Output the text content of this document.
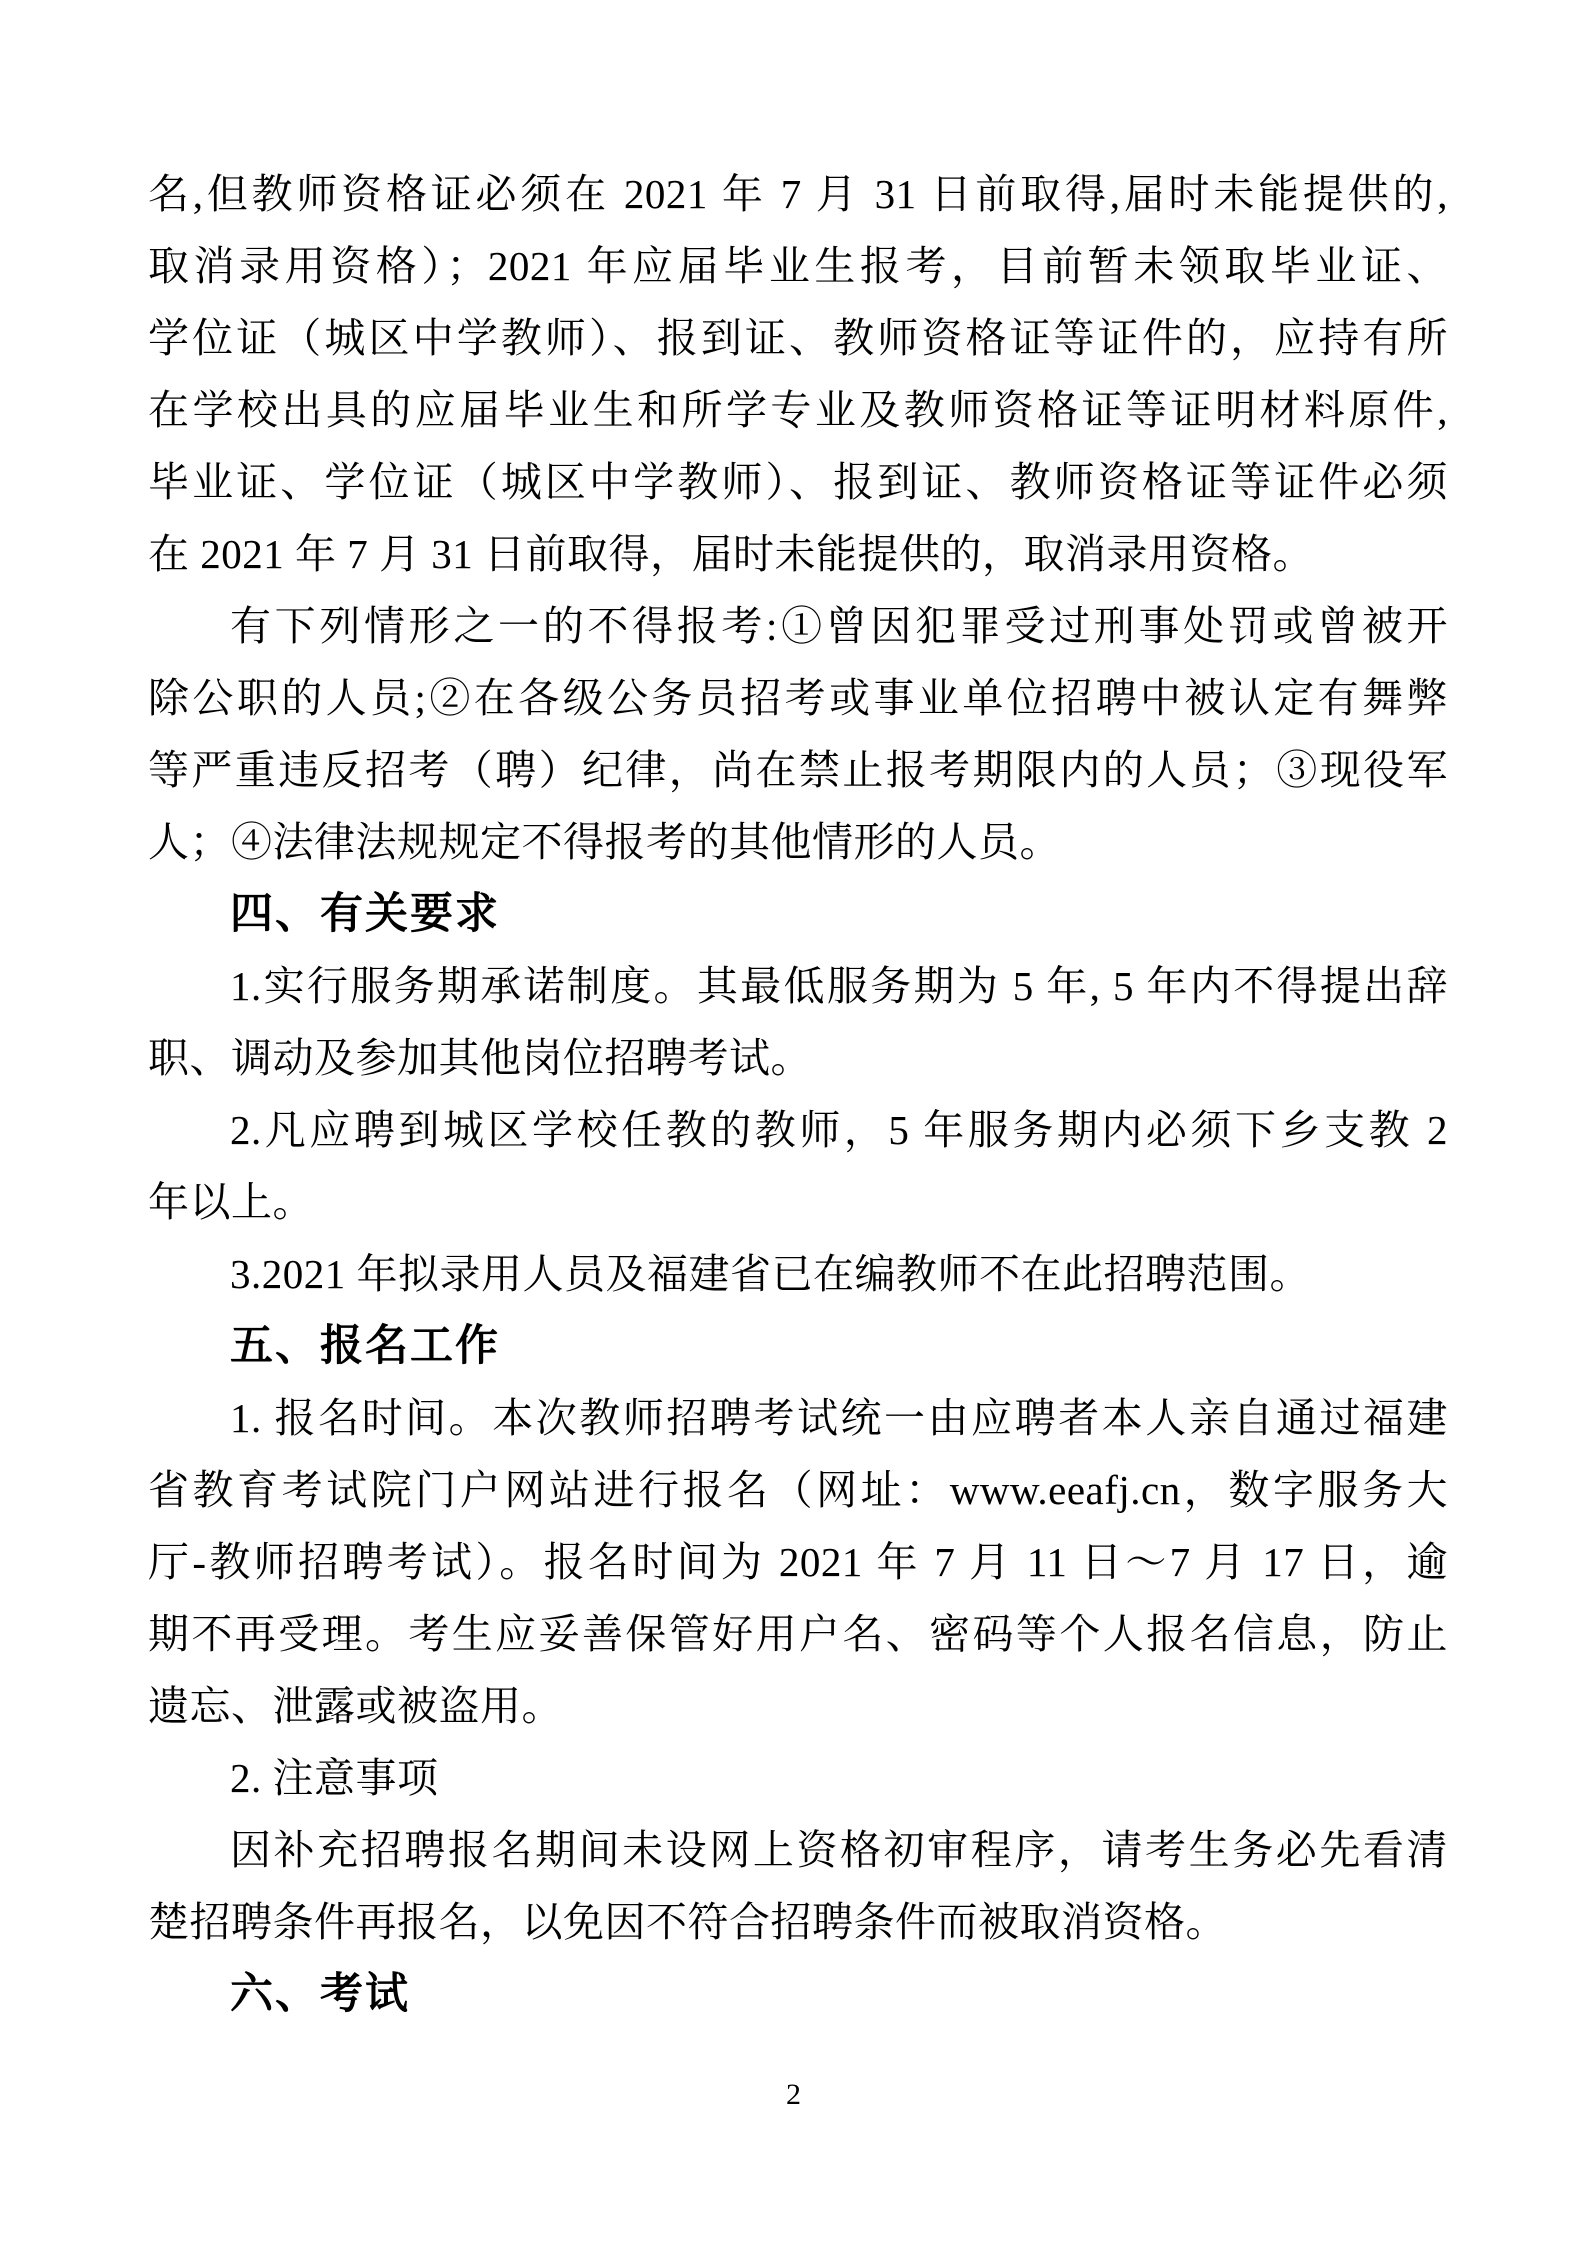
名,但教师资格证必须在 2021 年 7 月 31 日前取得,届时未能提供的,
取消录用资格）；2021 年应届毕业生报考，目前暂未领取毕业证、
学位证（城区中学教师）、报到证、教师资格证等证件的，应持有所
在学校出具的应届毕业生和所学专业及教师资格证等证明材料原件,
毕业证、学位证（城区中学教师）、报到证、教师资格证等证件必须
在 2021 年 7 月 31 日前取得，届时未能提供的，取消录用资格。
有下列情形之一的不得报考:①曾因犯罪受过刑事处罚或曾被开
除公职的人员;②在各级公务员招考或事业单位招聘中被认定有舞弊
等严重违反招考（聘）纪律，尚在禁止报考期限内的人员；③现役军
人；④法律法规规定不得报考的其他情形的人员。
四、有关要求
1.实行服务期承诺制度。其最低服务期为 5 年, 5 年内不得提出辞
职、调动及参加其他岗位招聘考试。
2.凡应聘到城区学校任教的教师，5 年服务期内必须下乡支教 2
年以上。
3.2021 年拟录用人员及福建省已在编教师不在此招聘范围。
五、报名工作
1. 报名时间。本次教师招聘考试统一由应聘者本人亲自通过福建
省教育考试院门户网站进行报名（网址：www.eeafj.cn，数字服务大
厅-教师招聘考试）。报名时间为 2021 年 7 月 11 日～7 月 17 日，逾
期不再受理。考生应妥善保管好用户名、密码等个人报名信息，防止
遗忘、泄露或被盗用。
2. 注意事项
因补充招聘报名期间未设网上资格初审程序，请考生务必先看清
楚招聘条件再报名，以免因不符合招聘条件而被取消资格。
六、考试
2
